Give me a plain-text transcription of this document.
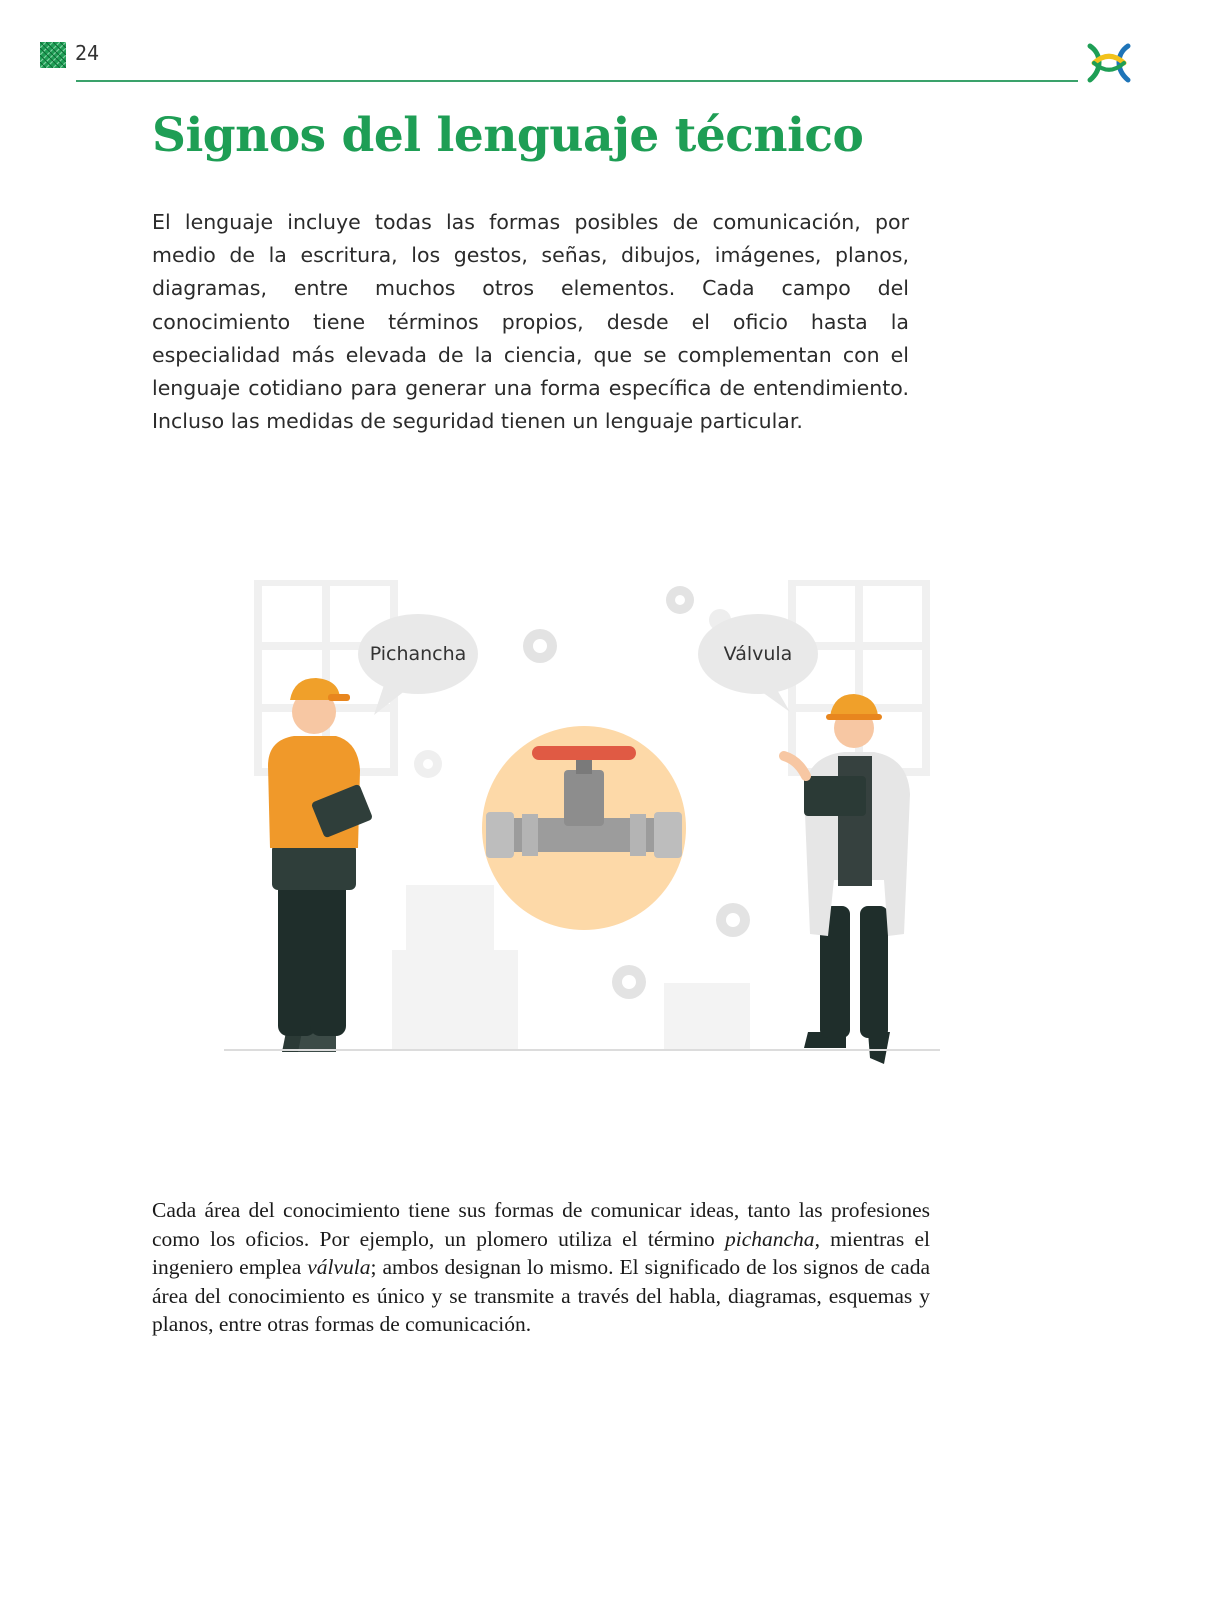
24
Signos del lenguaje técnico

El lenguaje incluye todas las formas posibles de comunicación, por medio de la escritura, los gestos, señas, dibujos, imágenes, planos, diagramas, entre muchos otros elementos. Cada campo del conocimiento tiene términos propios, desde el oficio hasta la especialidad más elevada de la ciencia, que se complementan con el lenguaje cotidiano para generar una forma específica de entendimiento. Incluso las medidas de seguridad tienen un lenguaje particular.

Pichancha	Válvula

Cada área del conocimiento tiene sus formas de comunicar ideas, tanto las profesiones como los oficios. Por ejemplo, un plomero utiliza el término pichancha, mientras el ingeniero emplea válvula; ambos designan lo mismo. El significado de los signos de cada área del conocimiento es único y se transmite a través del habla, diagramas, esquemas y planos, entre otras formas de comunicación.
